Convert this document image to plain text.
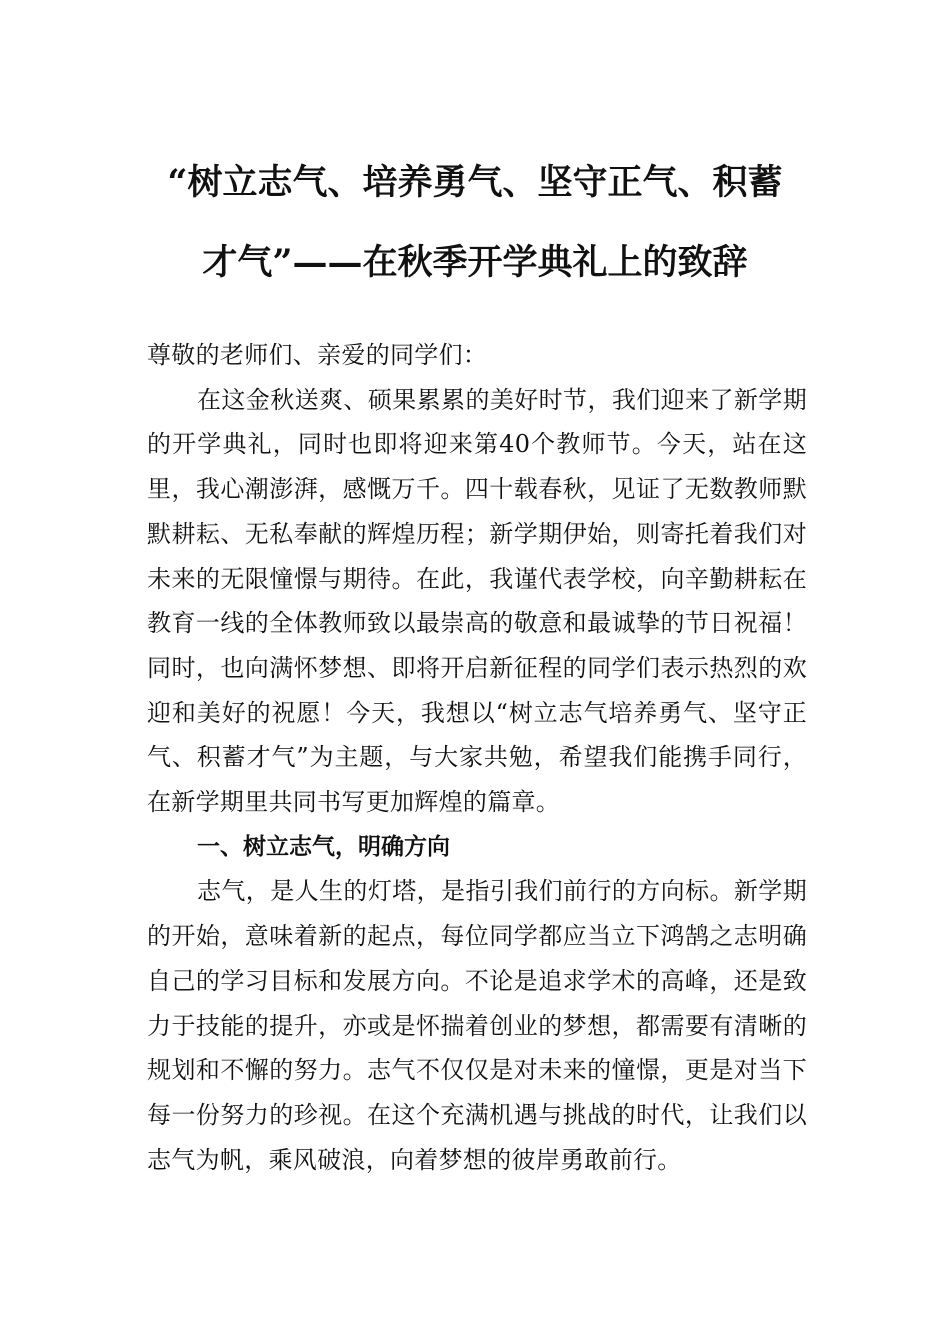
“树立志气、培养勇气、坚守正气、积蓄
才气”——在秋季开学典礼上的致辞

尊敬的老师们、亲爱的同学们：

在这金秋送爽、硕果累累的美好时节，我们迎来了新学期的开学典礼，同时也即将迎来第40个教师节。今天，站在这里，我心潮澎湃，感慨万千。四十载春秋，见证了无数教师默默耕耘、无私奉献的辉煌历程；新学期伊始，则寄托着我们对未来的无限憧憬与期待。在此，我谨代表学校，向辛勤耕耘在教育一线的全体教师致以最崇高的敬意和最诚挚的节日祝福！同时，也向满怀梦想、即将开启新征程的同学们表示热烈的欢迎和美好的祝愿！今天，我想以“树立志气培养勇气、坚守正气、积蓄才气”为主题，与大家共勉，希望我们能携手同行，在新学期里共同书写更加辉煌的篇章。

一、树立志气，明确方向

志气，是人生的灯塔，是指引我们前行的方向标。新学期的开始，意味着新的起点，每位同学都应当立下鸿鹄之志明确自己的学习目标和发展方向。不论是追求学术的高峰，还是致力于技能的提升，亦或是怀揣着创业的梦想，都需要有清晰的规划和不懈的努力。志气不仅仅是对未来的憧憬，更是对当下每一份努力的珍视。在这个充满机遇与挑战的时代，让我们以志气为帆，乘风破浪，向着梦想的彼岸勇敢前行。
